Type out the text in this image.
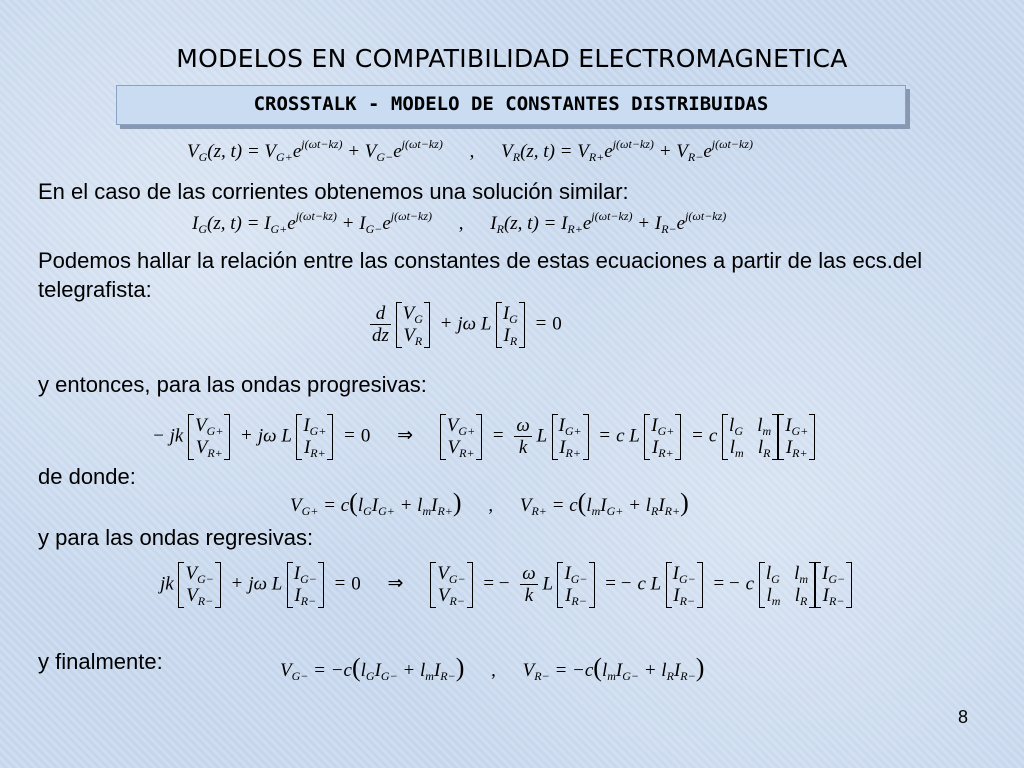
MODELOS EN COMPATIBILIDAD ELECTROMAGNETICA
CROSSTALK - MODELO DE CONSTANTES DISTRIBUIDAS
$V_G(z$, $t) = V_{G+}e^{j(\omega t-kz)} + V_{G-}e^{j(\omega t-kz)}$ , $V_R(z$, $t) = V_{R+}e^{j(\omega t-kz)} + V_{R-}e^{j(\omega t-kz)}$
En el caso de las corrientes obtenemos una solución similar:
$I_G(z$, $t) = I_{G+}e^{j(\omega t-kz)} + I_{G-}e^{j(\omega t-kz)}$ , $I_R(z$, $t) = I_{R+}e^{j(\omega t-kz)} + I_{R-}e^{j(\omega t-kz)}$
Podemos hallar la relación entre las constantes de estas ecuaciones a partir de las ecs.del telegrafista:
$\frac{d}{dz}$
$V_G$
$V_R$
+ jω L $I_G$
$I_R$
= 0
y entonces, para las ondas progresivas:
− jk $V_{G+}$
$V_{R+}$
+ jω L $I_{G+}$
$I_{R+}$
= 0 ⇒ $V_{G+}$
$V_{R+}$
= $\frac{\omega}{k}$ L $I_{G+}$
$I_{R+}$
= c L $I_{G+}$
$I_{R+}$
= c $l_G$   $l_m$
$l_m$   $l_R$
$I_{G+}$
$I_{R+}$
de donde:
$V_{G+} = c(l_GI_{G+} + l_mI_{R+})$ , $V_{R+} = c(l_mI_{G+} + l_RI_{R+})$
y para las ondas regresivas:
jk $V_{G-}$
$V_{R-}$
+ jω L $I_{G-}$
$I_{R-}$
= 0 ⇒ $V_{G-}$
$V_{R-}$
= − $\frac{\omega}{k}$ L $I_{G-}$
$I_{R-}$
= − c L $I_{G-}$
$I_{R-}$
= − c $l_G$   $l_m$
$l_m$   $l_R$
$I_{G-}$
$I_{R-}$
y finalmente:	$V_{G-} = -c(l_GI_{G-} + l_mI_{R-})$ , $V_{R-} = -c(l_mI_{G-} + l_RI_{R-})$
8
